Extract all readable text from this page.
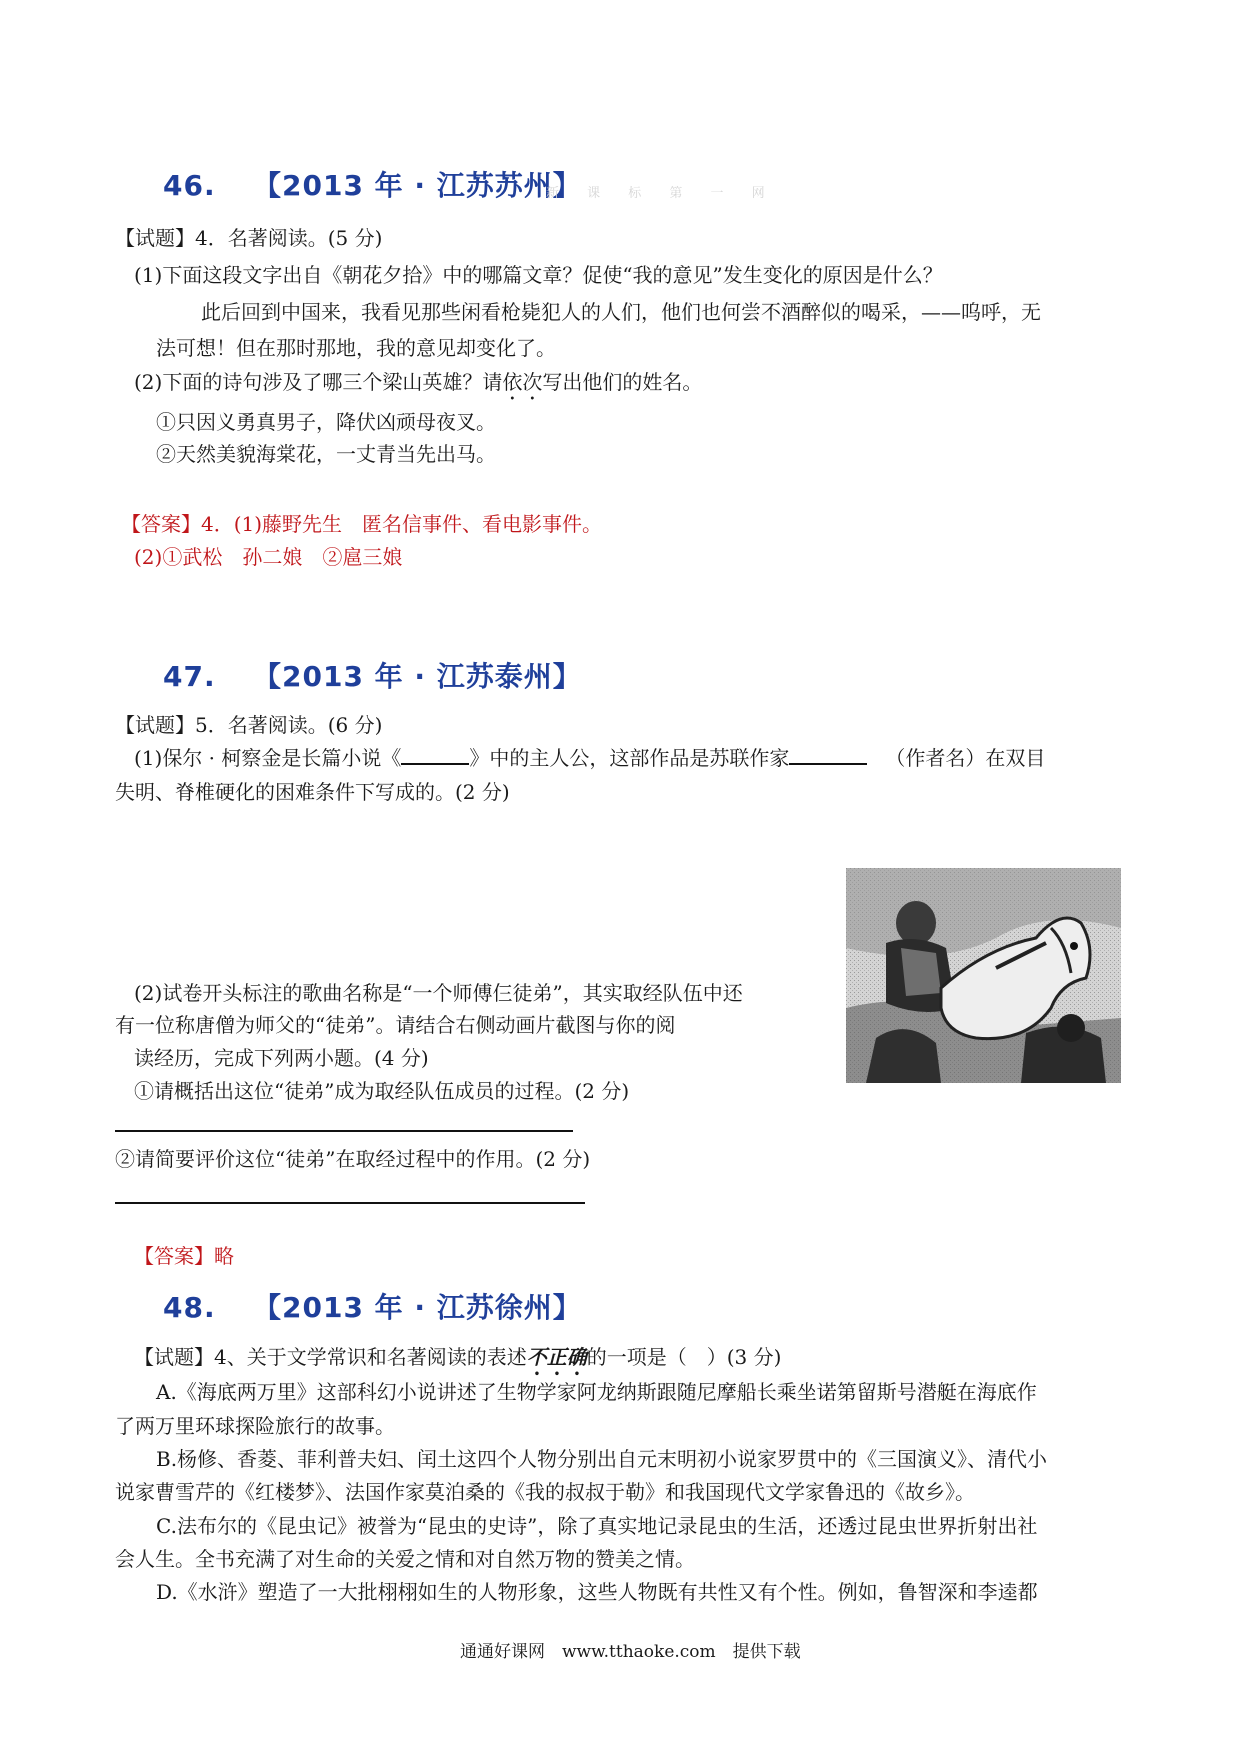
46. 【2013 年 · 江苏苏州】
新 课 标 第 一 网
【试题】4．名著阅读。(5 分)
(1)下面这段文字出自《朝花夕拾》中的哪篇文章？促使“我的意见”发生变化的原因是什么？
此后回到中国来，我看见那些闲看枪毙犯人的人们，他们也何尝不酒醉似的喝采，——呜呼，无
法可想！但在那时那地，我的意见却变化了。
(2)下面的诗句涉及了哪三个梁山英雄？请依次写出他们的姓名。
①只因义勇真男子，降伏凶顽母夜叉。
②天然美貌海棠花，一丈青当先出马。
【答案】4．(1)藤野先生　匿名信事件、看电影事件。
(2)①武松　孙二娘　②扈三娘
47. 【2013 年 · 江苏泰州】
【试题】5．名著阅读。(6 分)
(1)保尔 · 柯察金是长篇小说《	》中的主人公，这部作品是苏联作家	（作者名）在双目
失明、脊椎硬化的困难条件下写成的。(2 分)
(2)试卷开头标注的歌曲名称是“一个师傅仨徒弟”，其实取经队伍中还
有一位称唐僧为师父的“徒弟”。请结合右侧动画片截图与你的阅
读经历，完成下列两小题。(4 分)
①请概括出这位“徒弟”成为取经队伍成员的过程。(2 分)
②请简要评价这位“徒弟”在取经过程中的作用。(2 分)
【答案】略
48. 【2013 年 · 江苏徐州】
【试题】4、关于文学常识和名著阅读的表述不正确的一项是（　）(3 分)
A.《海底两万里》这部科幻小说讲述了生物学家阿龙纳斯跟随尼摩船长乘坐诺第留斯号潜艇在海底作
了两万里环球探险旅行的故事。
B.杨修、香菱、菲利普夫妇、闰土这四个人物分别出自元末明初小说家罗贯中的《三国演义》、清代小
说家曹雪芹的《红楼梦》、法国作家莫泊桑的《我的叔叔于勒》和我国现代文学家鲁迅的《故乡》。
C.法布尔的《昆虫记》被誉为“昆虫的史诗”，除了真实地记录昆虫的生活，还透过昆虫世界折射出社
会人生。全书充满了对生命的关爱之情和对自然万物的赞美之情。
D.《水浒》塑造了一大批栩栩如生的人物形象，这些人物既有共性又有个性。例如，鲁智深和李逵都
通通好课网　www.tthaoke.com　提供下载
